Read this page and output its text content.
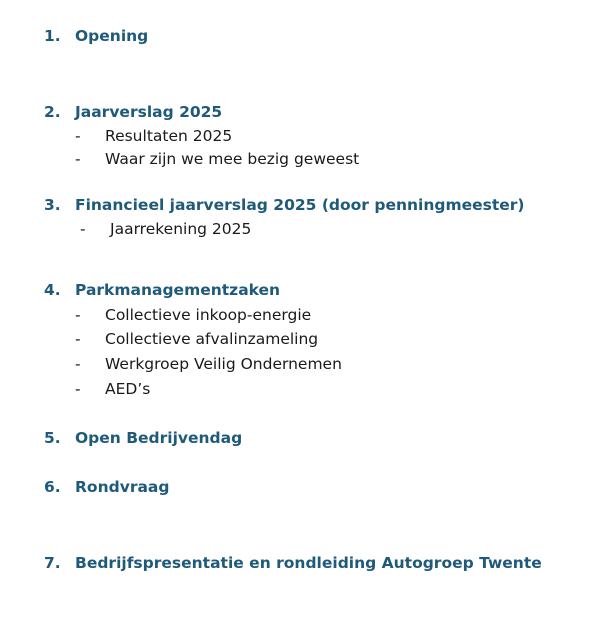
1. Opening
2. Jaarverslag 2025
- Resultaten 2025
- Waar zijn we mee bezig geweest
3. Financieel jaarverslag 2025 (door penningmeester)
- Jaarrekening 2025
4. Parkmanagementzaken
- Collectieve inkoop-energie
- Collectieve afvalinzameling
- Werkgroep Veilig Ondernemen
- AED’s
5. Open Bedrijvendag
6. Rondvraag
7. Bedrijfspresentatie en rondleiding Autogroep Twente
